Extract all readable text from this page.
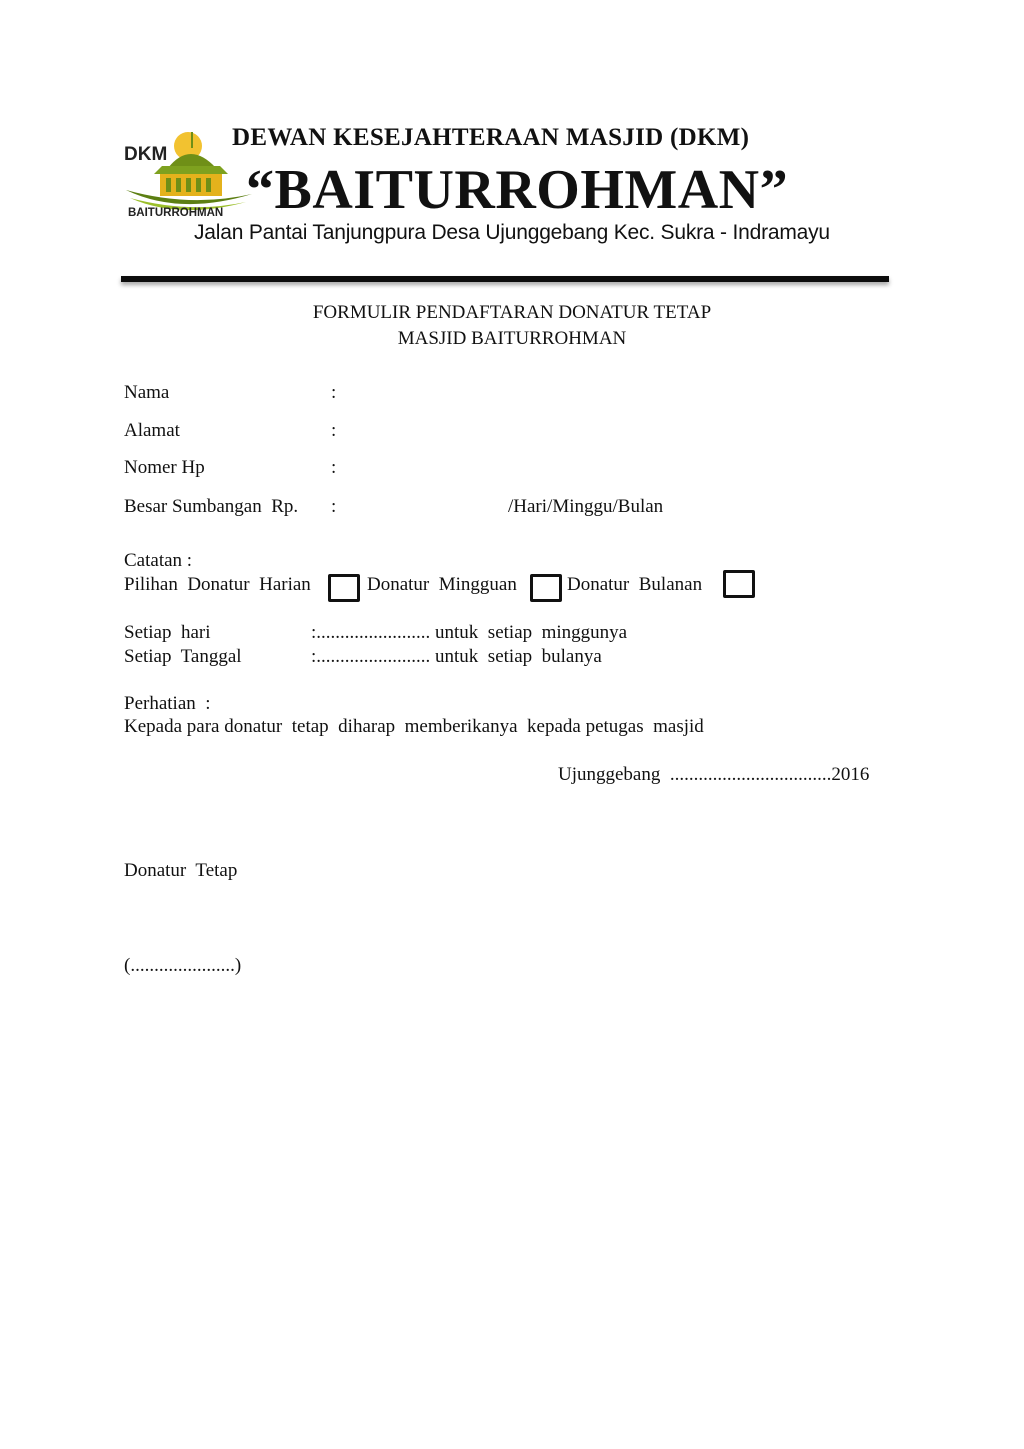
DKM
BAITURROHMAN
DEWAN KESEJAHTERAAN MASJID (DKM)
“BAITURROHMAN”
Jalan Pantai Tanjungpura Desa Ujunggebang Kec. Sukra - Indramayu
FORMULIR PENDAFTARAN DONATUR TETAP
MASJID BAITURROHMAN
Nama	:
Alamat	:
Nomer Hp	:
Besar Sumbangan  Rp. :	/Hari/Minggu/Bulan
Catatan :
Pilihan  Donatur  Harian	Donatur  Mingguan	Donatur  Bulanan
Setiap  hari	:........................ untuk  setiap  minggunya
Setiap  Tanggal	:........................ untuk  setiap  bulanya
Perhatian  :
Kepada para donatur  tetap  diharap  memberikanya  kepada petugas  masjid
Ujunggebang  ..................................2016
Donatur  Tetap
(......................)
